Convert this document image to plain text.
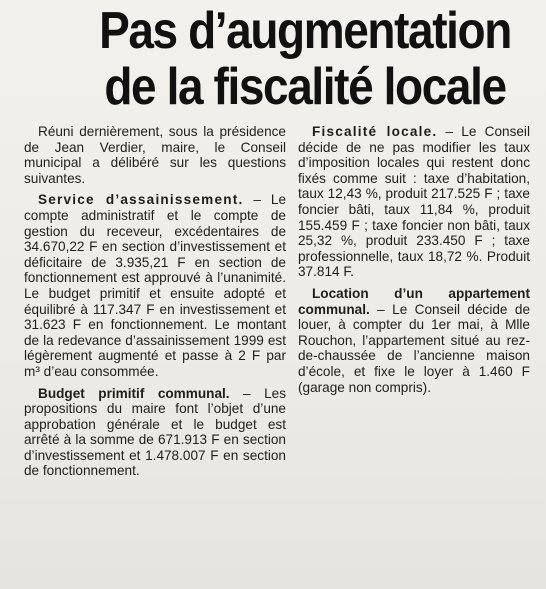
Pas d’augmentation
de la fiscalité locale

Réuni dernièrement, sous la présidence de Jean Verdier, maire, le Conseil municipal a délibéré sur les questions suivantes.

Service d’assainissement. – Le compte administratif et le compte de gestion du receveur, excédentaires de 34.670,22 F en section d’investissement et déficitaire de 3.935,21 F en section de fonctionnement est approuvé à l’unanimité. Le budget primitif et ensuite adopté et équilibré à 117.347 F en investissement et 31.623 F en fonctionnement. Le montant de la redevance d’assainissement 1999 est légèrement augmenté et passe à 2 F par m³ d’eau consommée.

Budget primitif communal. – Les propositions du maire font l’objet d’une approbation générale et le budget est arrêté à la somme de 671.913 F en section d’investissement et 1.478.007 F en section de fonctionnement.

Fiscalité locale. – Le Conseil décide de ne pas modifier les taux d’imposition locales qui restent donc fixés comme suit : taxe d’habitation, taux 12,43 %, produit 217.525 F ; taxe foncier bâti, taux 11,84 %, produit 155.459 F ; taxe foncier non bâti, taux 25,32 %, produit 233.450 F ; taxe professionnelle, taux 18,72 %. Produit 37.814 F.

Location d’un appartement communal. – Le Conseil décide de louer, à compter du 1er mai, à Mlle Rouchon, l’appartement situé au rez-de-chaussée de l’ancienne maison d’école, et fixe le loyer à 1.460 F (garage non compris).
